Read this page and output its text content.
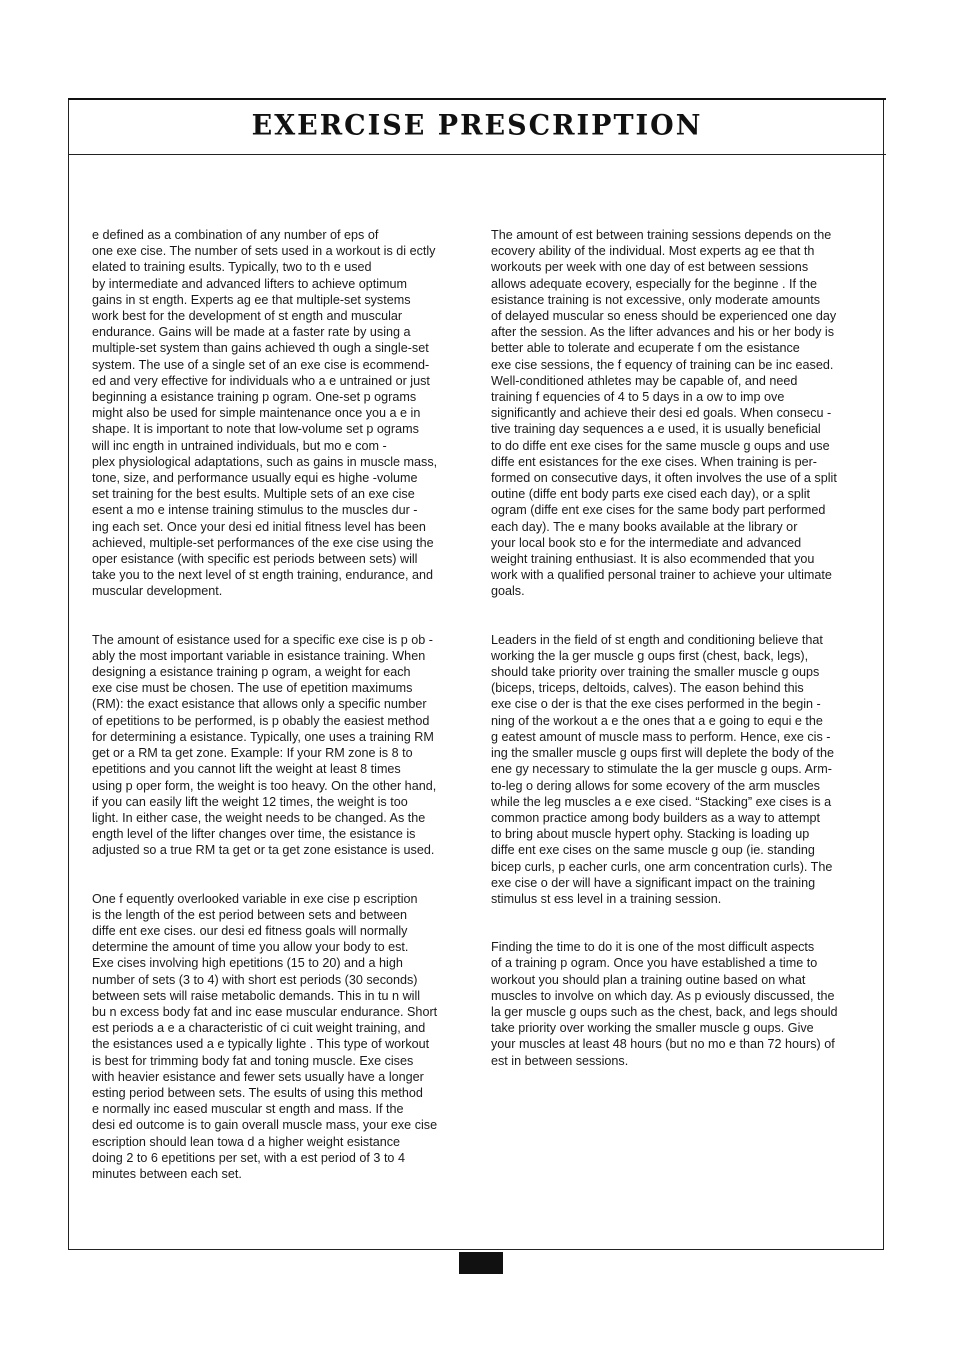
EXERCISE PRESCRIPTION

e defined as a combination of any number of eps of
one exe cise. The number of sets used in a workout is di ectly
elated to training esults. Typically, two to th e used
by intermediate and advanced lifters to achieve optimum
gains in st ength. Experts ag ee that multiple-set systems
work best for the development of st ength and muscular
endurance. Gains will be made at a faster rate by using a
multiple-set system than gains achieved th ough a single-set
system. The use of a single set of an exe cise is ecommend-
ed and very effective for individuals who a e untrained or just
beginning a esistance training p ogram. One-set p ograms
might also be used for simple maintenance once you a e in
shape. It is important to note that low-volume set p ograms
will inc ength in untrained individuals, but mo e com -
plex physiological adaptations, such as gains in muscle mass,
tone, size, and performance usually equi es highe -volume
set training for the best esults. Multiple sets of an exe cise
esent a mo e intense training stimulus to the muscles dur -
ing each set. Once your desi ed initial fitness level has been
achieved, multiple-set performances of the exe cise using the
oper esistance (with specific est periods between sets) will
take you to the next level of st ength training, endurance, and
muscular development.

The amount of esistance used for a specific exe cise is p ob -
ably the most important variable in esistance training. When
designing a esistance training p ogram, a weight for each
exe cise must be chosen. The use of epetition maximums
(RM): the exact esistance that allows only a specific number
of epetitions to be performed, is p obably the easiest method
for determining a esistance. Typically, one uses a training RM
get or a RM ta get zone. Example: If your RM zone is 8 to
epetitions and you cannot lift the weight at least 8 times
using p oper form, the weight is too heavy. On the other hand,
if you can easily lift the weight 12 times, the weight is too
light. In either case, the weight needs to be changed. As the
ength level of the lifter changes over time, the esistance is
adjusted so a true RM ta get or ta get zone esistance is used.

One f equently overlooked variable in exe cise p escription
is the length of the est period between sets and between
diffe ent exe cises. our desi ed fitness goals will normally
determine the amount of time you allow your body to est.
Exe cises involving high epetitions (15 to 20) and a high
number of sets (3 to 4) with short est periods (30 seconds)
between sets will raise metabolic demands. This in tu n will
bu n excess body fat and inc ease muscular endurance. Short
est periods a e a characteristic of ci cuit weight training, and
the esistances used a e typically lighte . This type of workout
is best for trimming body fat and toning muscle. Exe cises
with heavier esistance and fewer sets usually have a longer
esting period between sets. The esults of using this method
e normally inc eased muscular st ength and mass. If the
desi ed outcome is to gain overall muscle mass, your exe cise
escription should lean towa d a higher weight esistance
doing 2 to 6 epetitions per set, with a est period of 3 to 4
minutes between each set.

The amount of est between training sessions depends on the
ecovery ability of the individual. Most experts ag ee that th
workouts per week with one day of est between sessions
allows adequate ecovery, especially for the beginne . If the
esistance training is not excessive, only moderate amounts
of delayed muscular so eness should be experienced one day
after the session. As the lifter advances and his or her body is
better able to tolerate and ecuperate f om the esistance
exe cise sessions, the f equency of training can be inc eased.
Well-conditioned athletes may be capable of, and need
training f equencies of 4 to 5 days in a ow to imp ove
significantly and achieve their desi ed goals. When consecu -
tive training day sequences a e used, it is usually beneficial
to do diffe ent exe cises for the same muscle g oups and use
diffe ent esistances for the exe cises. When training is per-
formed on consecutive days, it often involves the use of a split
outine (diffe ent body parts exe cised each day), or a split
ogram (diffe ent exe cises for the same body part performed
each day). The e many books available at the library or
your local book sto e for the intermediate and advanced
weight training enthusiast. It is also ecommended that you
work with a qualified personal trainer to achieve your ultimate
goals.

Leaders in the field of st ength and conditioning believe that
working the la ger muscle g oups first (chest, back, legs),
should take priority over training the smaller muscle g oups
(biceps, triceps, deltoids, calves). The eason behind this
exe cise o der is that the exe cises performed in the begin -
ning of the workout a e the ones that a e going to equi e the
g eatest amount of muscle mass to perform. Hence, exe cis -
ing the smaller muscle g oups first will deplete the body of the
ene gy necessary to stimulate the la ger muscle g oups. Arm-
to-leg o dering allows for some ecovery of the arm muscles
while the leg muscles a e exe cised. “Stacking” exe cises is a
common practice among body builders as a way to attempt
to bring about muscle hypert ophy. Stacking is loading up
diffe ent exe cises on the same muscle g oup (ie. standing
bicep curls, p eacher curls, one arm concentration curls). The
exe cise o der will have a significant impact on the training
stimulus st ess level in a training session.

Finding the time to do it is one of the most difficult aspects
of a training p ogram. Once you have established a time to
workout you should plan a training outine based on what
muscles to involve on which day. As p eviously discussed, the
la ger muscle g oups such as the chest, back, and legs should
take priority over working the smaller muscle g oups. Give
your muscles at least 48 hours (but no mo e than 72 hours) of
est in between sessions.
